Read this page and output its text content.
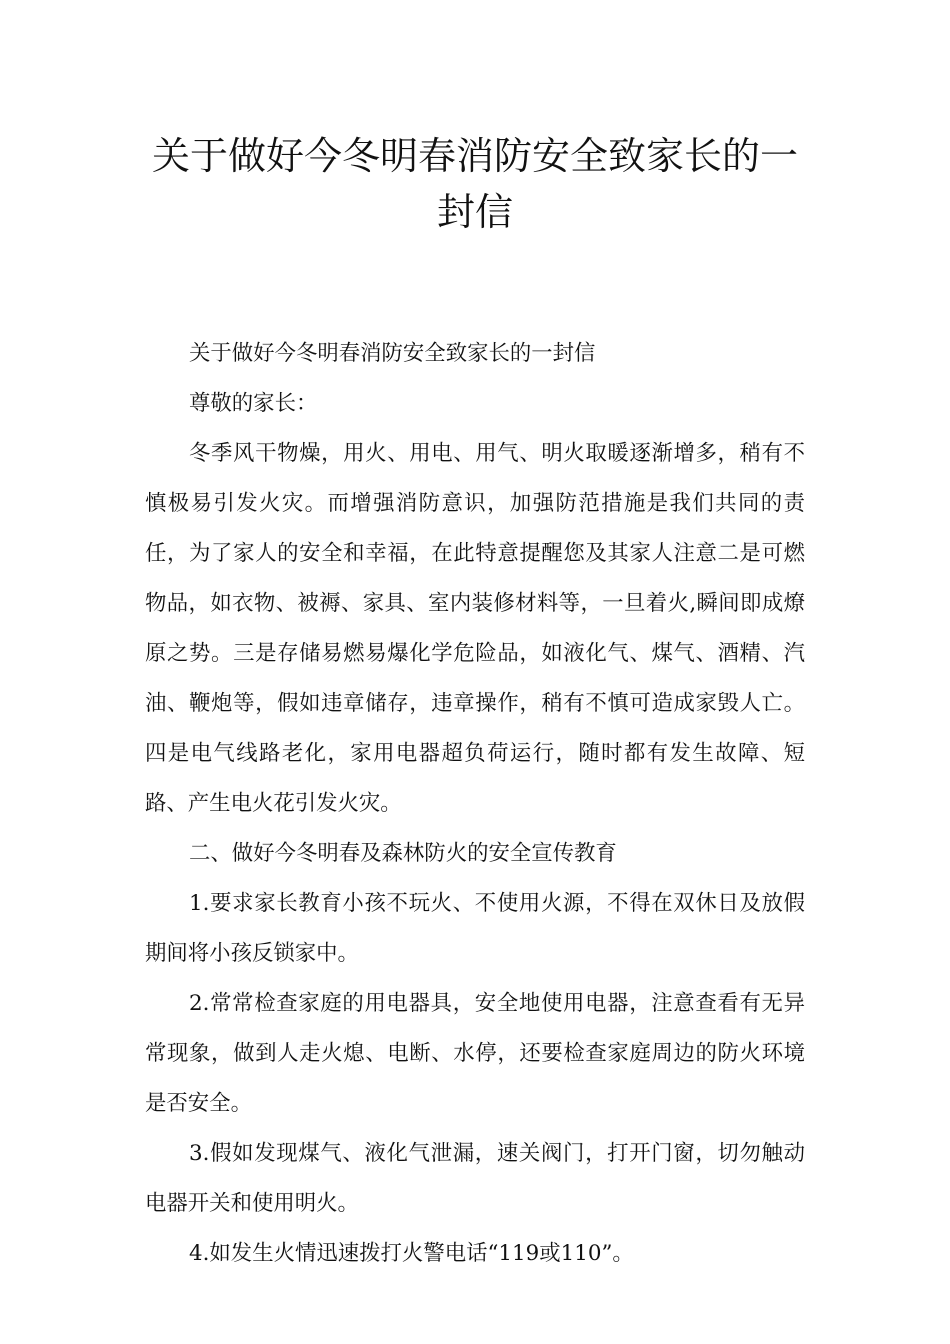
关于做好今冬明春消防安全致家长的一封信

关于做好今冬明春消防安全致家长的一封信

尊敬的家长：

冬季风干物燥，用火、用电、用气、明火取暖逐渐增多，稍有不慎极易引发火灾。而增强消防意识，加强防范措施是我们共同的责任，为了家人的安全和幸福，在此特意提醒您及其家人注意二是可燃物品，如衣物、被褥、家具、室内装修材料等，一旦着火,瞬间即成燎原之势。三是存储易燃易爆化学危险品，如液化气、煤气、酒精、汽油、鞭炮等，假如违章储存，违章操作，稍有不慎可造成家毁人亡。四是电气线路老化，家用电器超负荷运行，随时都有发生故障、短路、产生电火花引发火灾。

二、做好今冬明春及森林防火的安全宣传教育

1.要求家长教育小孩不玩火、不使用火源，不得在双休日及放假期间将小孩反锁家中。

2.常常检查家庭的用电器具，安全地使用电器，注意查看有无异常现象，做到人走火熄、电断、水停，还要检查家庭周边的防火环境是否安全。

3.假如发现煤气、液化气泄漏，速关阀门，打开门窗，切勿触动电器开关和使用明火。

4.如发生火情迅速拨打火警电话“119或110”。
